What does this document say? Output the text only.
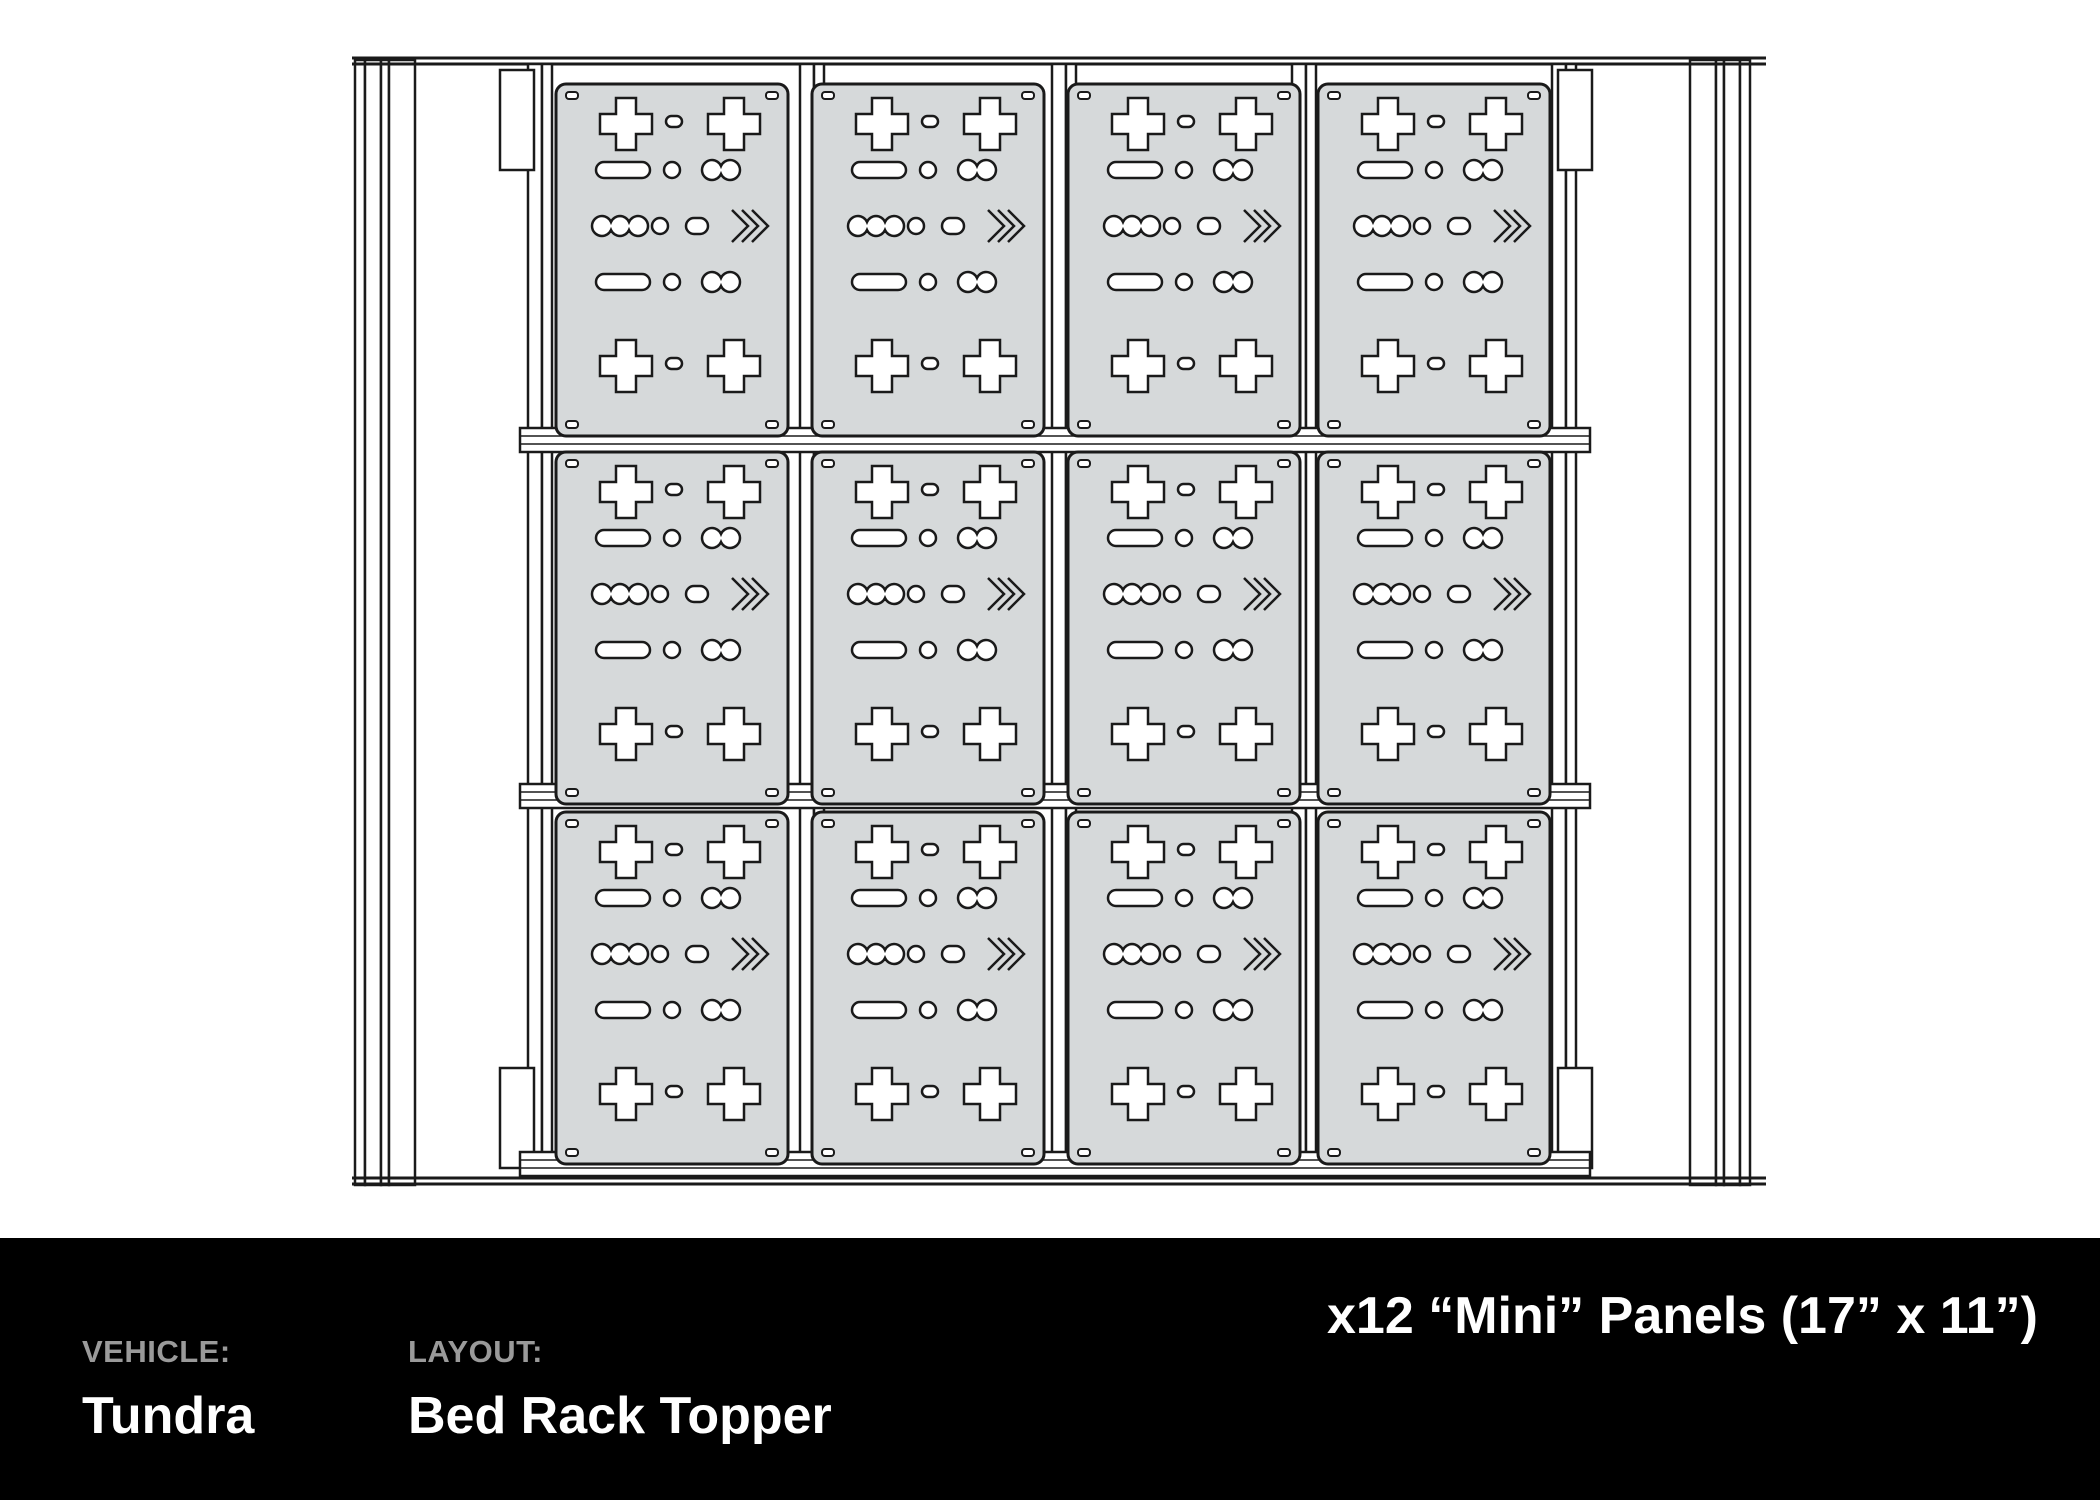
VEHICLE:
Tundra
LAYOUT:
Bed Rack Topper
x12 “Mini” Panels (17” x 11”)
